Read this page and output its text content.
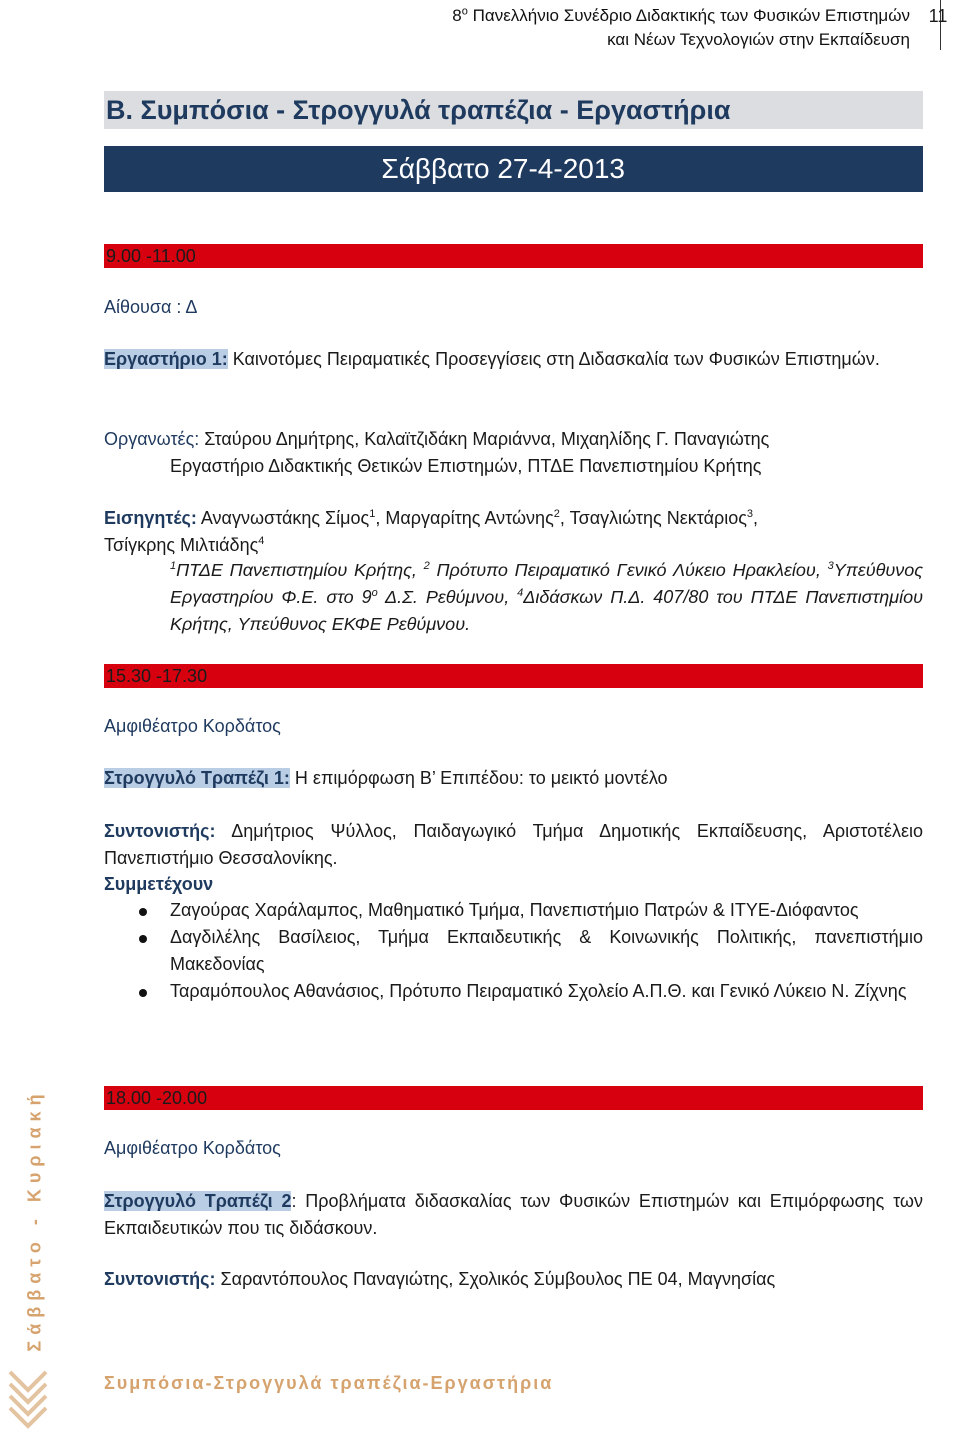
$8^o$ Πανελλήνιο Συνέδριο Διδακτικής των Φυσικών Επιστημών
και Νέων Τεχνολογιών στην Εκπαίδευση
11
Β. Συμπόσια - Στρογγυλά τραπέζια - Εργαστήρια
Σάββατο 27-4-2013
9.00 -11.00
Αίθουσα : Δ
Εργαστήριο 1: Καινοτόμες Πειραματικές Προσεγγίσεις στη Διδασκαλία των Φυσικών Επιστημών.
Οργανωτές: Σταύρου Δημήτρης, Καλαϊτζιδάκη Μαριάννα, Μιχαηλίδης Γ. Παναγιώτης
Εργαστήριο Διδακτικής Θετικών Επιστημών, ΠΤΔΕ Πανεπιστημίου Κρήτης
Εισηγητές: Αναγνωστάκης Σίμος$^1$, Μαργαρίτης Αντώνης$^2$, Τσαγλιώτης Νεκτάριος$^3$,
Τσίγκρης Μιλτιάδης$^4$
$^1$ΠΤΔΕ Πανεπιστημίου Κρήτης, $^2$ Πρότυπο Πειραματικό Γενικό Λύκειο Ηρακλείου, $^3$Υπεύθυνος Εργαστηρίου Φ.Ε. στο $9^o$ Δ.Σ. Ρεθύμνου, $^4$Διδάσκων Π.Δ. 407/80 του ΠΤΔΕ Πανεπιστημίου Κρήτης, Υπεύθυνος ΕΚΦΕ Ρεθύμνου.
15.30 -17.30
Αμφιθέατρο Κορδάτος
Στρογγυλό Τραπέζι 1: Η επιμόρφωση Β’ Επιπέδου: το μεικτό μοντέλο
Συντονιστής: Δημήτριος Ψύλλος, Παιδαγωγικό Τμήμα Δημοτικής Εκπαίδευσης, Αριστοτέλειο Πανεπιστήμιο Θεσσαλονίκης.
Συμμετέχουν
Ζαγούρας Χαράλαμπος, Μαθηματικό Τμήμα, Πανεπιστήμιο Πατρών & ΙΤΥΕ-Διόφαντος
Δαγδιλέλης Βασίλειος, Τμήμα Εκπαιδευτικής & Κοινωνικής Πολιτικής, πανεπιστήμιο Μακεδονίας
Ταραμόπουλος Αθανάσιος, Πρότυπο Πειραματικό Σχολείο Α.Π.Θ. και Γενικό Λύκειο Ν. Ζίχνης
18.00 -20.00
Αμφιθέατρο Κορδάτος
Στρογγυλό Τραπέζι 2: Προβλήματα διδασκαλίας των Φυσικών Επιστημών και Επιμόρφωσης των Εκπαιδευτικών που τις διδάσκουν.
Συντονιστής: Σαραντόπουλος Παναγιώτης, Σχολικός Σύμβουλος ΠΕ 04, Μαγνησίας
Σάββατο - Κυριακή
Συμπόσια-Στρογγυλά τραπέζια-Εργαστήρια
